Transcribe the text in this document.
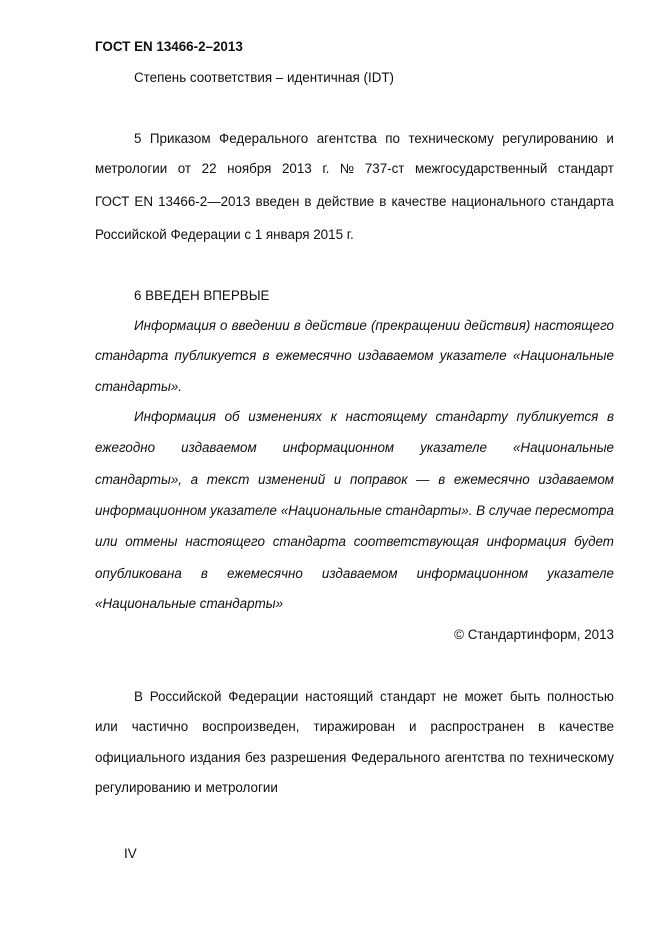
ГОСТ EN 13466-2–2013
Степень соответствия – идентичная (IDT)
5 Приказом Федерального агентства по техническому регулированию и
метрологии от 22 ноября 2013 г. № 737-ст межгосударственный стандарт
ГОСТ EN 13466-2—2013 введен в действие в качестве национального стандарта
Российской Федерации с 1 января 2015 г.
6 ВВЕДЕН ВПЕРВЫЕ
Информация о введении в действие (прекращении действия) настоящего
стандарта публикуется в ежемесячно издаваемом указателе «Национальные
стандарты».
Информация об изменениях к настоящему стандарту публикуется в
ежегодно издаваемом информационном указателе «Национальные
стандарты», а текст изменений и поправок — в ежемесячно издаваемом
информационном указателе «Национальные стандарты». В случае пересмотра
или отмены настоящего стандарта соответствующая информация будет
опубликована в ежемесячно издаваемом информационном указателе
«Национальные стандарты»
© Стандартинформ, 2013
В Российской Федерации настоящий стандарт не может быть полностью
или частично воспроизведен, тиражирован и распространен в качестве
официального издания без разрешения Федерального агентства по техническому
регулированию и метрологии
IV
